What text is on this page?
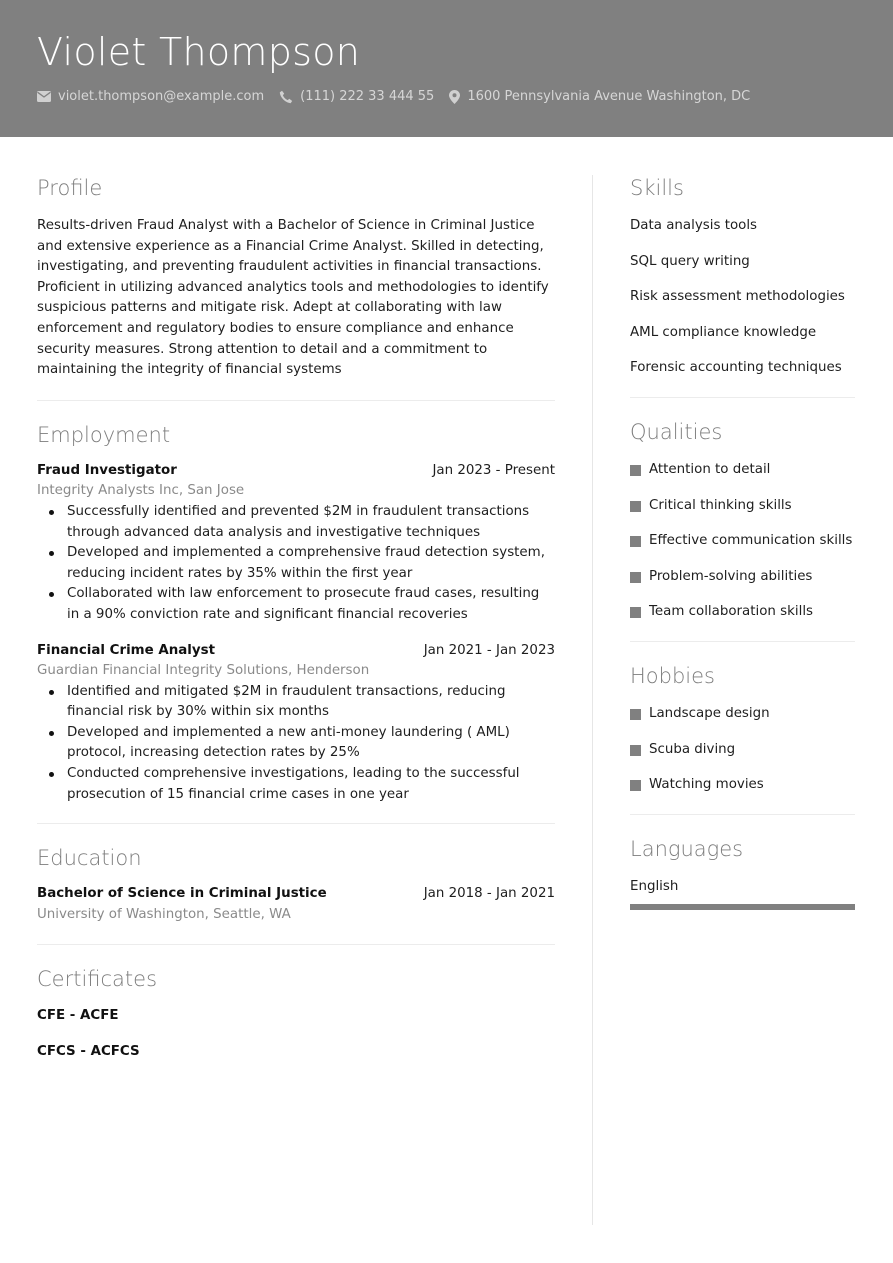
Violet Thompson
violet.thompson@example.com	(111) 222 33 444 55	1600 Pennsylvania Avenue Washington, DC
Profile

Results-driven Fraud Analyst with a Bachelor of Science in Criminal Justice and extensive experience as a Financial Crime Analyst. Skilled in detecting, investigating, and preventing fraudulent activities in financial transactions. Proficient in utilizing advanced analytics tools and methodologies to identify suspicious patterns and mitigate risk. Adept at collaborating with law enforcement and regulatory bodies to ensure compliance and enhance security measures. Strong attention to detail and a commitment to maintaining the integrity of financial systems

Employment
Fraud Investigator	Jan 2023 - Present
Integrity Analysts Inc, San Jose
Successfully identified and prevented $2M in fraudulent transactions through advanced data analysis and investigative techniques
Developed and implemented a comprehensive fraud detection system, reducing incident rates by 35% within the first year
Collaborated with law enforcement to prosecute fraud cases, resulting in a 90% conviction rate and significant financial recoveries
Financial Crime Analyst	Jan 2021 - Jan 2023
Guardian Financial Integrity Solutions, Henderson
Identified and mitigated $2M in fraudulent transactions, reducing financial risk by 30% within six months
Developed and implemented a new anti-money laundering ( AML) protocol, increasing detection rates by 25%
Conducted comprehensive investigations, leading to the successful prosecution of 15 financial crime cases in one year
Education
Bachelor of Science in Criminal Justice	Jan 2018 - Jan 2021
University of Washington, Seattle, WA
Certificates
CFE - ACFE
CFCS - ACFCS
Skills
Data analysis tools
SQL query writing
Risk assessment methodologies
AML compliance knowledge
Forensic accounting techniques
Qualities
Attention to detail
Critical thinking skills
Effective communication skills
Problem-solving abilities
Team collaboration skills
Hobbies
Landscape design
Scuba diving
Watching movies
Languages
English
